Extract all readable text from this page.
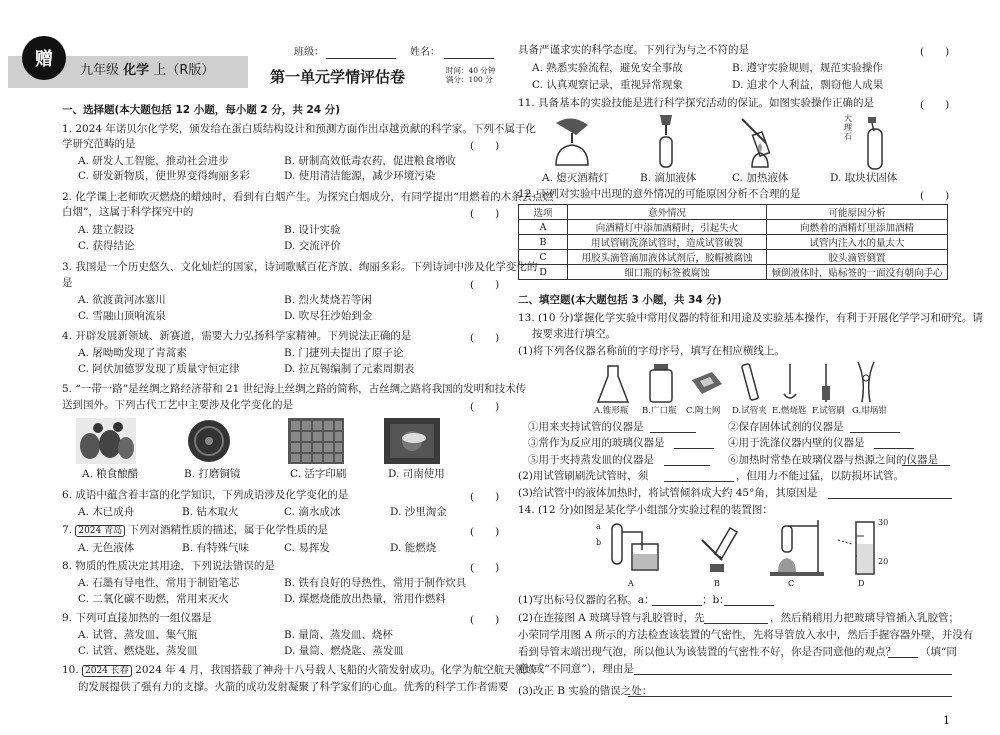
赠
九年级 化学 上（R版）
班级：	姓名：
第一单元学情评估卷	时间：40 分钟
满分：100 分
一、选择题(本大题包括 12 小题，每小题 2 分，共 24 分)
1. 2024 年诺贝尔化学奖，颁发给在蛋白质结构设计和预测方面作出卓越贡献的科学家。下列不属于化
学研究范畴的是	(　　)
A. 研发人工智能，推动社会进步	B. 研制高效低毒农药，促进粮食增收
C. 研发新物质，使世界变得绚丽多彩	D. 使用清洁能源，减少环境污染
2. 化学课上老师吹灭燃烧的蜡烛时，看到有白烟产生。为探究白烟成分，有同学提出“用燃着的木条去点燃
白烟”，这属于科学探究中的	(　　)
A. 建立假设	B. 设计实验
C. 获得结论	D. 交流评价
3. 我国是一个历史悠久、文化灿烂的国家，诗词歌赋百花齐放、绚丽多彩。下列诗词中涉及化学变化的
是	(　　)
A. 欲渡黄河冰塞川	B. 烈火焚烧若等闲
C. 雪融山顶响流泉	D. 吹尽狂沙始到金
4. 开辟发展新领域、新赛道，需要大力弘扬科学家精神。下列说法正确的是	(　　)
A. 屠呦呦发现了青蒿素	B. 门捷列夫提出了原子论
C. 阿伏加德罗发现了质量守恒定律	D. 拉瓦锡编制了元素周期表
5. “一带一路”是丝绸之路经济带和 21 世纪海上丝绸之路的简称，古丝绸之路将我国的发明和技术传
送到国外。下列古代工艺中主要涉及化学变化的是	(　　)
A. 粮食酿醋	B. 打磨铜镜	C. 活字印刷	D. 司南使用
6. 成语中蕴含着丰富的化学知识，下列成语涉及化学变化的是	(　　)
A. 木已成舟	B. 钻木取火	C. 滴水成冰	D. 沙里淘金
7. 2024 青岛 下列对酒精性质的描述，属于化学性质的是	(　　)
A. 无色液体	B. 有特殊气味	C. 易挥发	D. 能燃烧
8. 物质的性质决定其用途，下列说法错误的是	(　　)
A. 石墨有导电性，常用于制铅笔芯	B. 铁有良好的导热性，常用于制作炊具
C. 二氧化碳不助燃，常用来灭火	D. 煤燃烧能放出热量，常用作燃料
9. 下列可直接加热的一组仪器是	(　　)
A. 试管、蒸发皿、集气瓶	B. 量筒、蒸发皿、烧杯
C. 试管、燃烧匙、蒸发皿	D. 量筒、燃烧匙、蒸发皿
10. 2024 长春 2024 年 4 月，我国搭载了神舟十八号载人飞船的火箭发射成功。化学为航空航天领域
的发展提供了强有力的支撑。火箭的成功发射凝聚了科学家们的心血。优秀的科学工作者需要
具备严谨求实的科学态度。下列行为与之不符的是	(　　)
A. 熟悉实验流程，避免安全事故	B. 遵守实验规则，规范实验操作
C. 认真观察记录，重视异常现象	D. 追求个人利益，剽窃他人成果
11. 具备基本的实验技能是进行科学探究活动的保证。如图实验操作正确的是	(　　)
大理石
A. 熄灭酒精灯	B. 滴加液体	C. 加热液体	D. 取块状固体
12. 下列对实验中出现的意外情况的可能原因分析不合理的是	(　　)
选项	意外情况	可能原因分析
A	向酒精灯中添加酒精时，引起失火	向燃着的酒精灯里添加酒精
B	用试管刷洗涤试管时，造成试管破裂	试管内注入水的量太大
C	用胶头滴管滴加液体试剂后，胶帽被腐蚀	胶头滴管倒置
D	细口瓶的标签被腐蚀	倾倒液体时，贴标签的一面没有朝向手心
二、填空题(本大题包括 3 小题，共 34 分)
13. (10 分)掌握化学实验中常用仪器的特征和用途及实验基本操作，有利于开展化学学习和研究。请
按要求进行填空。
(1)将下列各仪器名称前的字母序号，填写在相应横线上。
A.锥形瓶 B.广口瓶 C.陶土网 D.试管夹 E.燃烧匙 F.试管刷 G.坩埚钳
①用来夹持试管的仪器是	②保存固体试剂的仪器是
③常作为反应用的玻璃仪器是	④用于洗涤仪器内壁的仪器是
⑤用于夹持蒸发皿的仪器是	⑥加热时常垫在玻璃仪器与热源之间的仪器是
(2)用试管刷刷洗试管时，须	，但用力不能过猛，以防损坏试管。
(3)给试管中的液体加热时，将试管倾斜成大约 45°角，其原因是
14. (12 分)如图是某化学小组部分实验过程的装置图：
a
b
30
20
A	B	C	D
(1)写出标号仪器的名称。a：	；b：
(2)在连接图 A 玻璃导管与乳胶管时，先	，然后稍稍用力把玻璃导管插入乳胶管；
小荣同学用图 A 所示的方法检查该装置的气密性，先将导管放入水中，然后手握容器外壁，并没有
看到导管末端出现气泡，所以他认为该装置的气密性不好，你是否同意他的观点？ （填“同
意”或“不同意”），理由是
(3)改正 B 实验的错误之处：
1
